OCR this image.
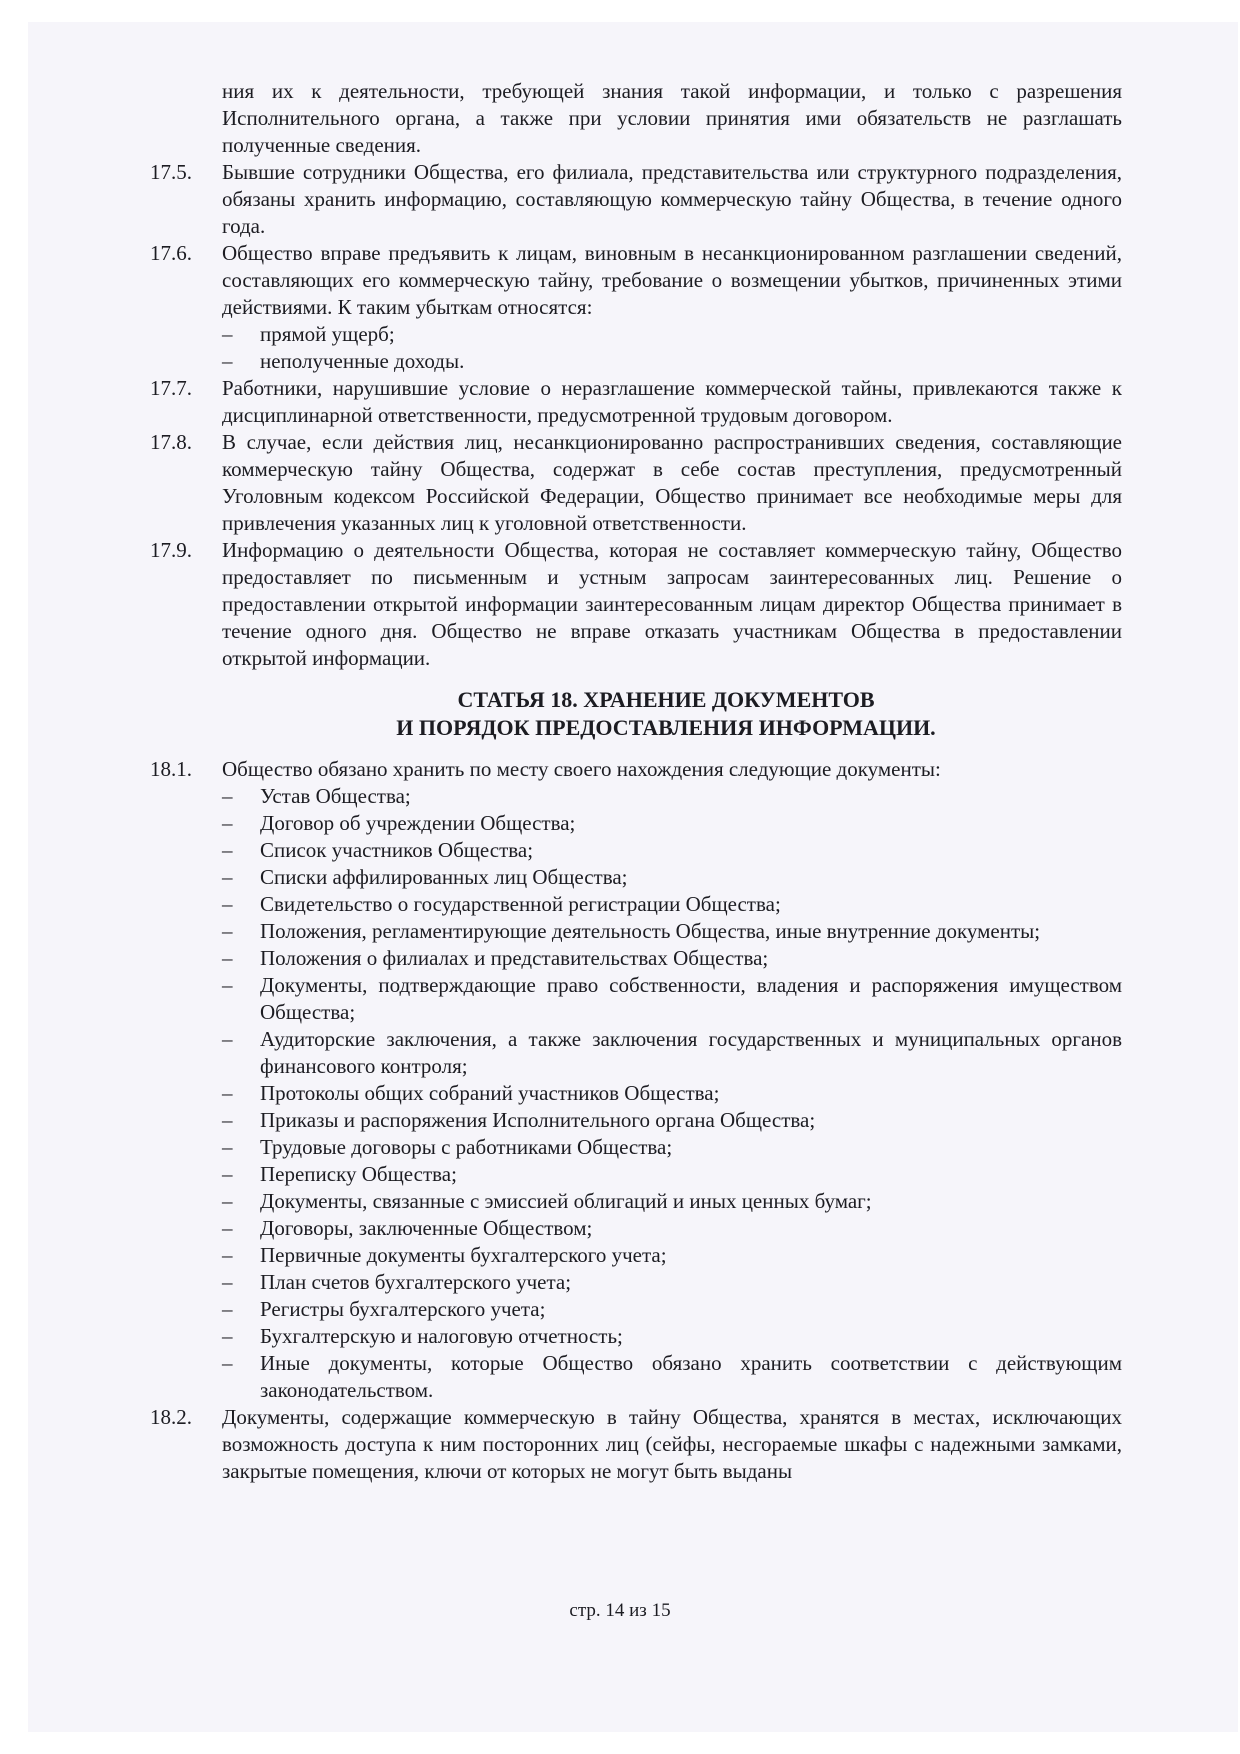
ния их к деятельности, требующей знания такой информации, и только с разрешения Исполнительного органа, а также при условии принятия ими обязательств не разглашать полученные сведения.
17.5. Бывшие сотрудники Общества, его филиала, представительства или структурного подразделения, обязаны хранить информацию, составляющую коммерческую тайну Общества, в течение одного года.
17.6. Общество вправе предъявить к лицам, виновным в несанкционированном разглашении сведений, составляющих его коммерческую тайну, требование о возмещении убытков, причиненных этими действиями. К таким убыткам относятся:
– прямой ущерб;
– неполученные доходы.
17.7. Работники, нарушившие условие о неразглашение коммерческой тайны, привлекаются также к дисциплинарной ответственности, предусмотренной трудовым договором.
17.8. В случае, если действия лиц, несанкционированно распространивших сведения, составляющие коммерческую тайну Общества, содержат в себе состав преступления, предусмотренный Уголовным кодексом Российской Федерации, Общество принимает все необходимые меры для привлечения указанных лиц к уголовной ответственности.
17.9. Информацию о деятельности Общества, которая не составляет коммерческую тайну, Общество предоставляет по письменным и устным запросам заинтересованных лиц. Решение о предоставлении открытой информации заинтересованным лицам директор Общества принимает в течение одного дня. Общество не вправе отказать участникам Общества в предоставлении открытой информации.
СТАТЬЯ 18. ХРАНЕНИЕ ДОКУМЕНТОВ
И ПОРЯДОК ПРЕДОСТАВЛЕНИЯ ИНФОРМАЦИИ.
18.1. Общество обязано хранить по месту своего нахождения следующие документы:
– Устав Общества;
– Договор об учреждении Общества;
– Список участников Общества;
– Списки аффилированных лиц Общества;
– Свидетельство о государственной регистрации Общества;
– Положения, регламентирующие деятельность Общества, иные внутренние документы;
– Положения о филиалах и представительствах Общества;
– Документы, подтверждающие право собственности, владения и распоряжения имуществом Общества;
– Аудиторские заключения, а также заключения государственных и муниципальных органов финансового контроля;
– Протоколы общих собраний участников Общества;
– Приказы и распоряжения Исполнительного органа Общества;
– Трудовые договоры с работниками Общества;
– Переписку Общества;
– Документы, связанные с эмиссией облигаций и иных ценных бумаг;
– Договоры, заключенные Обществом;
– Первичные документы бухгалтерского учета;
– План счетов бухгалтерского учета;
– Регистры бухгалтерского учета;
– Бухгалтерскую и налоговую отчетность;
– Иные документы, которые Общество обязано хранить соответствии с действующим законодательством.
18.2. Документы, содержащие коммерческую в тайну Общества, хранятся в местах, исключающих возможность доступа к ним посторонних лиц (сейфы, несгораемые шкафы с надежными замками, закрытые помещения, ключи от которых не могут быть выданы
стр. 14 из 15
